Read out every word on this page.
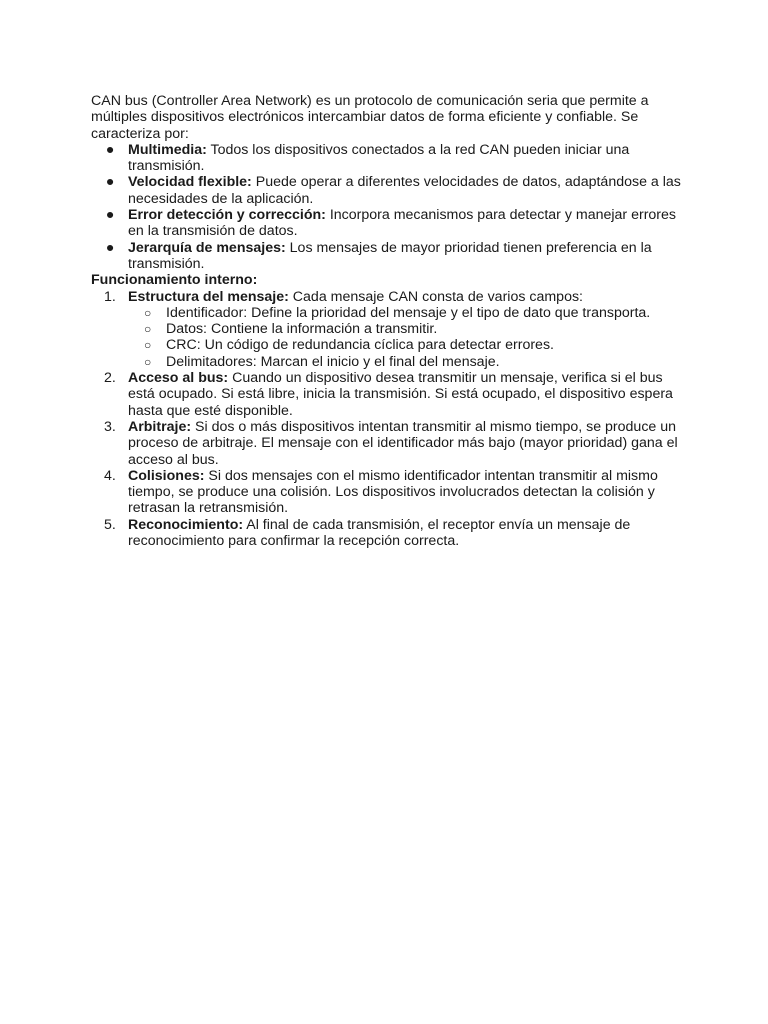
CAN bus (Controller Area Network) es un protocolo de comunicación seria que permite a múltiples dispositivos electrónicos intercambiar datos de forma eficiente y confiable. Se caracteriza por:

● Multimedia: Todos los dispositivos conectados a la red CAN pueden iniciar una transmisión.
● Velocidad flexible: Puede operar a diferentes velocidades de datos, adaptándose a las necesidades de la aplicación.
● Error detección y corrección: Incorpora mecanismos para detectar y manejar errores en la transmisión de datos.
● Jerarquía de mensajes: Los mensajes de mayor prioridad tienen preferencia en la transmisión.

Funcionamiento interno:

1. Estructura del mensaje: Cada mensaje CAN consta de varios campos:
○ Identificador: Define la prioridad del mensaje y el tipo de dato que transporta.
○ Datos: Contiene la información a transmitir.
○ CRC: Un código de redundancia cíclica para detectar errores.
○ Delimitadores: Marcan el inicio y el final del mensaje.
2. Acceso al bus: Cuando un dispositivo desea transmitir un mensaje, verifica si el bus está ocupado. Si está libre, inicia la transmisión. Si está ocupado, el dispositivo espera hasta que esté disponible.
3. Arbitraje: Si dos o más dispositivos intentan transmitir al mismo tiempo, se produce un proceso de arbitraje. El mensaje con el identificador más bajo (mayor prioridad) gana el acceso al bus.
4. Colisiones: Si dos mensajes con el mismo identificador intentan transmitir al mismo tiempo, se produce una colisión. Los dispositivos involucrados detectan la colisión y retrasan la retransmisión.
5. Reconocimiento: Al final de cada transmisión, el receptor envía un mensaje de reconocimiento para confirmar la recepción correcta.
